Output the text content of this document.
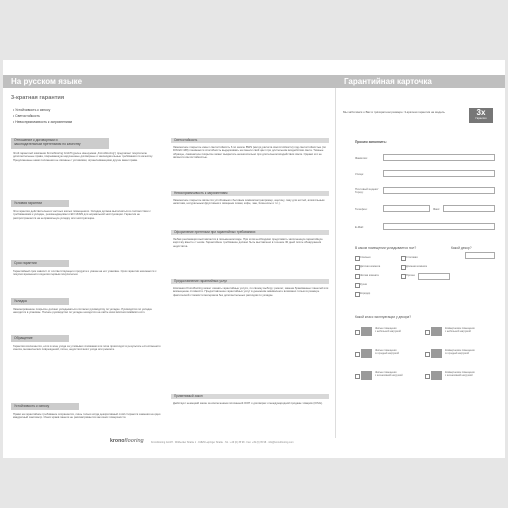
На русском языке	Гарантийная карточка
3-кратная гарантия
• Устойчивость к износу
• Светостойкость
• Невосприимчивость к загрязнениям
Отношение к договорным и
законодательным претензиям по качеству

Этой гарантией компания Kronoflooring GmbH (далее именуемая „Kronoflooring“) предлагает покупателю дополнительные права, покрывающую нарушенные договорные и законодательные требования по качеству. Предложенные нами положения не связаны с условиями, ограничивающими другие ваши права.

Условия гарантии

Эта гарантия действительна в частных жилых помещениях. Укладка должна выполняться в соответствии с требованиями к укладке, рекомендациями и EN 13329 для нормальной эксплуатации. Гарантия не распространяется на неправильную укладку или эксплуатацию.

Срок гарантии

Гарантийный срок зависит от соответствующего продукта и указан на его упаковке. Срок гарантии начинается с покупки временного изделия первым покупателем.

Укладка

Ламинированное покрытие должно укладываться согласно руководству по укладке. Руководство по укладке находится в упаковке. Полное руководство по укладке находится на сайте www.laminat-installation.com.

Обращение

Гарантия исключается, если в зоне ухода за угловыми головками или пола происходит в результате естественного износа, механических повреждений, пятен, недостаточного ухода или ремонта.

Устойчивость к износу

Право на гарантийное требование сохраняется, лишь только когда декоративный слой стирается заменяя на одно квадратный сантиметр. Износ краёв панели не рассматривается как износ поверхности.

Светостойкость

Ламинатное покрытие имеет светостойкость 6 по шкале BWS (метод расчёта светостойкости) под светостойкостью (по DIN EN 438) понимается способность выдерживать на панели свой цвет при длительном воздействии света. Тёмные образцы, ламинатное покрытие может выцветать незначительно при длительном воздействии света. Однако это не является светостойкостью.

Невосприимчивость к загрязнениям

Ламинатное покрытие является устойчивым к бытовым химикатам (например, ацетону, лаку для ногтей, алкогольным напиткам, натуральным фруктовым и овощным сокам, кофе, чаю, Кока-колы и т.п.).

Оформление претензии при гарантийных требованиях

Любая рекламация выставляется в письменном виде. При этом необходимо представить заполненную гарантийную карточку вместе с чеком. Гарантийное требование должно быть выставлено в течение 30 дней после обнаружения недостатка.

Предоставление гарантийных услуг

Компания Kronoflooring может оказать гарантийные услуги, по своему выбору: ремонт, замена бракованных панелей или возмещение стоимости. Предоставление гарантийных услуг в денежном эквиваленте возможно только в размере фактической стоимости материала без дополнительных расходов по укладке.

Применимый закон

Действует немецкий закон за исключением положений ООН о договорах о международной продаже товаров (CISG).

Мы заботимся о Вас в трёхкратном размере: 3-кратная гарантия на модель	3x
Гарантия
Просим заполнить:
Фамилия:
Улица:
Почтовый индекс/Город:
Телефон:	Факс:
E-Mail:
В каком помещении укладывается пол?	Какой декор?
Спальня	Столовая
Детская комната	Длинная комната
Жилая комната	Прочее
Кухня
Коридор
Какой класс эксплуатации у декора?
Жилые помещения
с небольшой нагрузкой
Коммерческие помещения
с небольшой нагрузкой
Жилые помещения
со средней нагрузкой
Коммерческие помещения
со средней нагрузкой
Жилые помещения
с интенсивной нагрузкой
Коммерческие помещения
с интенсивной нагрузкой
kronoflooring	Kronoflooring GmbH · Wittbecker Straße 1 · 01829 Leipziger Straße · Tel.: +49 (0) 35 98 · Fax: +49 (0) 35 98 · info@kronoflooring.com
